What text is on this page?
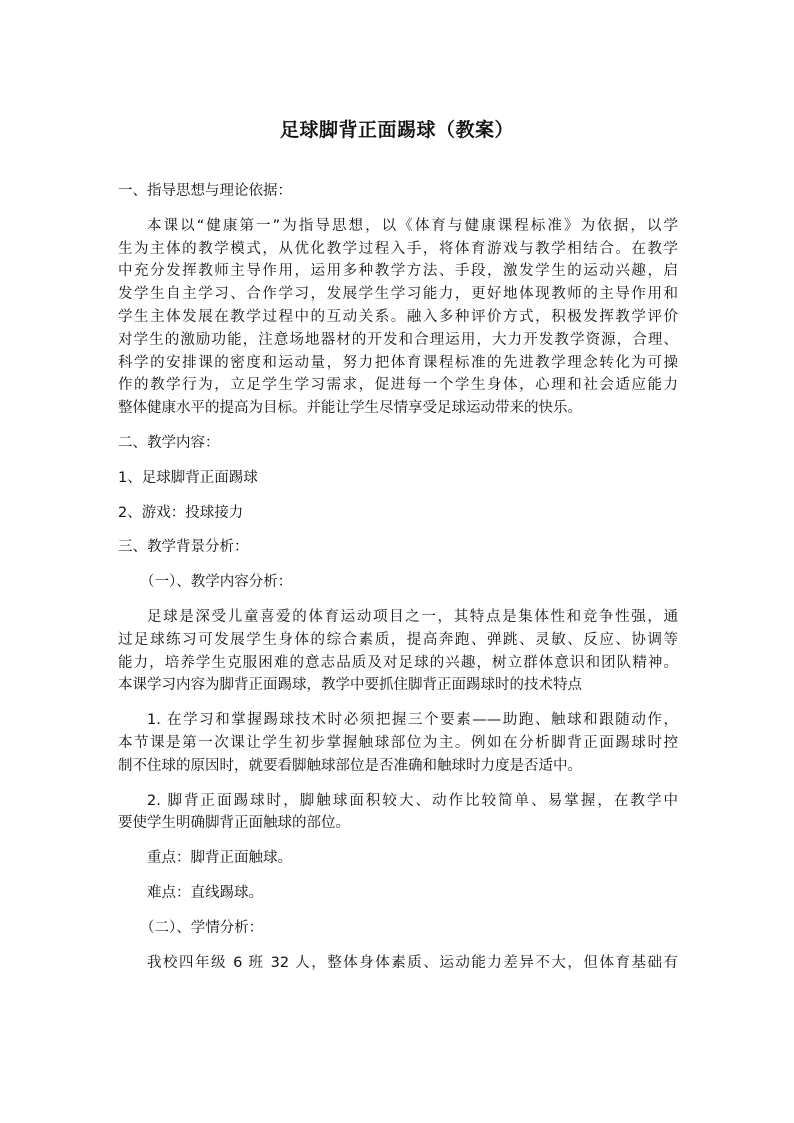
足球脚背正面踢球（教案）

一、指导思想与理论依据：

本课以“健康第一”为指导思想，以《体育与健康课程标准》为依据，以学

生为主体的教学模式，从优化教学过程入手，将体育游戏与教学相结合。在教学

中充分发挥教师主导作用，运用多种教学方法、手段，激发学生的运动兴趣，启

发学生自主学习、合作学习，发展学生学习能力，更好地体现教师的主导作用和

学生主体发展在教学过程中的互动关系。融入多种评价方式，积极发挥教学评价

对学生的激励功能，注意场地器材的开发和合理运用，大力开发教学资源，合理、

科学的安排课的密度和运动量，努力把体育课程标准的先进教学理念转化为可操

作的教学行为，立足学生学习需求，促进每一个学生身体，心理和社会适应能力

整体健康水平的提高为目标。并能让学生尽情享受足球运动带来的快乐。

二、教学内容：

1、足球脚背正面踢球

2、游戏：投球接力

三、教学背景分析：

（一）、教学内容分析：

足球是深受儿童喜爱的体育运动项目之一，其特点是集体性和竞争性强，通

过足球练习可发展学生身体的综合素质，提高奔跑、弹跳、灵敏、反应、协调等

能力，培养学生克服困难的意志品质及对足球的兴趣，树立群体意识和团队精神。

本课学习内容为脚背正面踢球，教学中要抓住脚背正面踢球时的技术特点

1. 在学习和掌握踢球技术时必须把握三个要素——助跑、触球和跟随动作，

本节课是第一次课让学生初步掌握触球部位为主。例如在分析脚背正面踢球时控

制不住球的原因时，就要看脚触球部位是否准确和触球时力度是否适中。

2. 脚背正面踢球时，脚触球面积较大、动作比较简单、易掌握，在教学中

要使学生明确脚背正面触球的部位。

重点：脚背正面触球。

难点：直线踢球。

（二）、学情分析：

我校四年级 6 班 32 人，整体身体素质、运动能力差异不大，但体育基础有
